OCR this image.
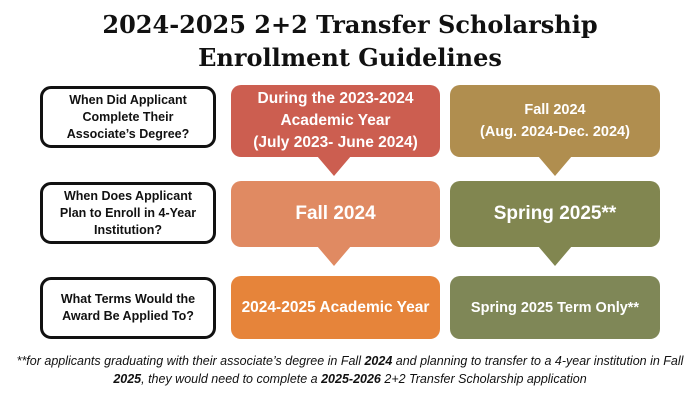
2024-2025 2+2 Transfer Scholarship
Enrollment Guidelines
When Did Applicant
Complete Their
Associate’s Degree?
When Does Applicant
Plan to Enroll in 4-Year
Institution?
What Terms Would the
Award Be Applied To?
During the 2023-2024
Academic Year
(July 2023- June 2024)
Fall 2024
2024-2025 Academic Year
Fall 2024
(Aug. 2024-Dec. 2024)
Spring 2025**
Spring 2025 Term Only**
**for applicants graduating with their associate’s degree in Fall 2024 and planning to transfer to a 4-year institution in Fall 2025, they would need to complete a 2025-2026 2+2 Transfer Scholarship application
